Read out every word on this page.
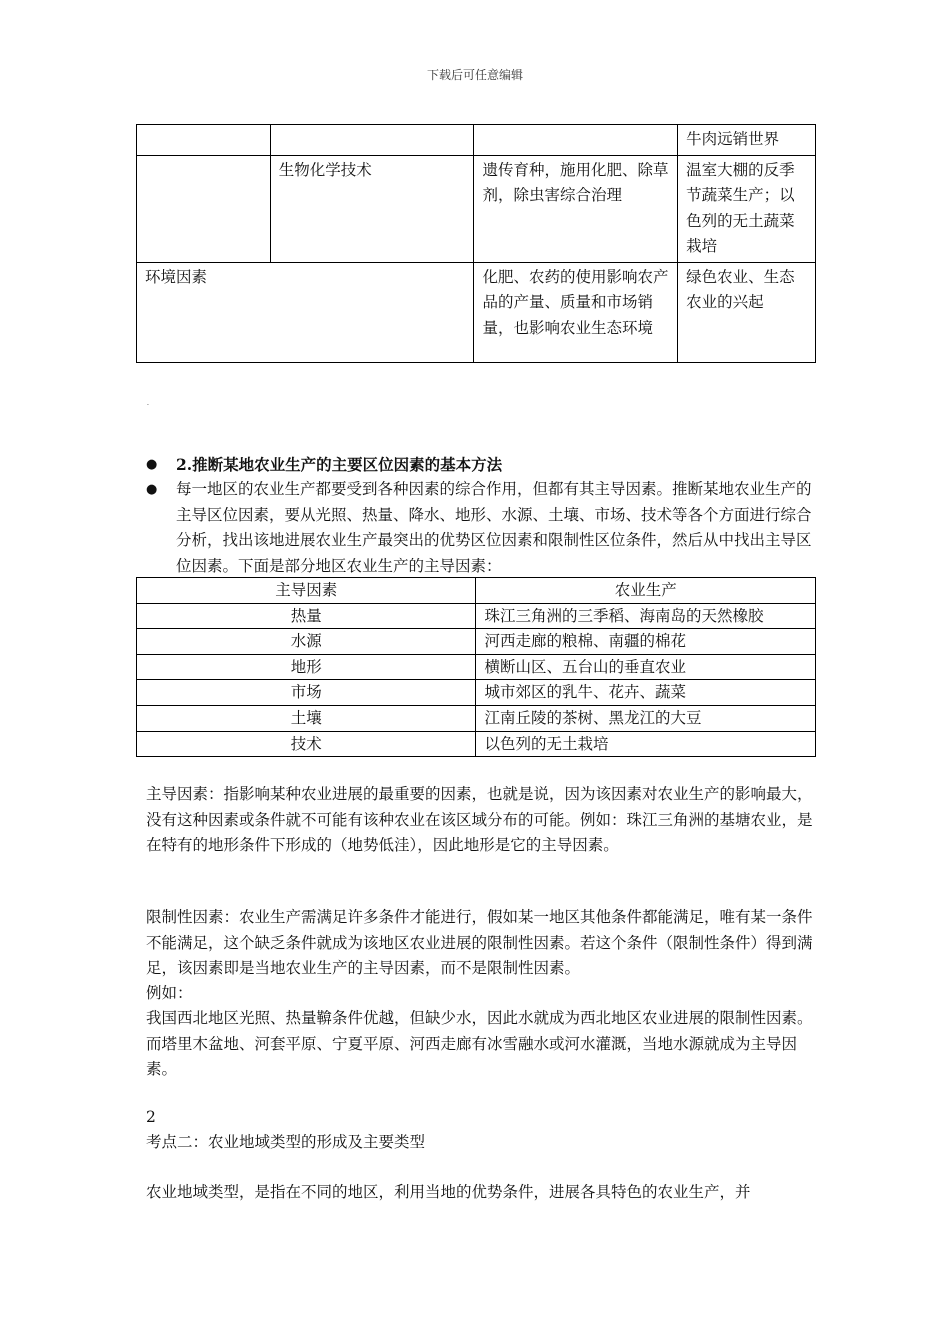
下载后可任意编辑
			牛肉远销世界
	生物化学技术	遗传育种，施用化肥、除草剂，除虫害综合治理	温室大棚的反季节蔬菜生产；以色列的无土蔬菜栽培
环境因素		化肥、农药的使用影响农产品的产量、质量和市场销量，也影响农业生态环境	绿色农业、生态农业的兴起
.
● 2.推断某地农业生产的主要区位因素的基本方法
● 每一地区的农业生产都要受到各种因素的综合作用，但都有其主导因素。推断某地农业生产的主导区位因素，要从光照、热量、降水、地形、水源、土壤、市场、技术等各个方面进行综合分析，找出该地进展农业生产最突出的优势区位因素和限制性区位条件，然后从中找出主导区位因素。下面是部分地区农业生产的主导因素：
主导因素	农业生产
热量	珠江三角洲的三季稻、海南岛的天然橡胶
水源	河西走廊的粮棉、南疆的棉花
地形	横断山区、五台山的垂直农业
市场	城市郊区的乳牛、花卉、蔬菜
土壤	江南丘陵的茶树、黑龙江的大豆
技术	以色列的无土栽培
主导因素：指影响某种农业进展的最重要的因素，也就是说，因为该因素对农业生产的影响最大，没有这种因素或条件就不可能有该种农业在该区域分布的可能。例如：珠江三角洲的基塘农业，是在特有的地形条件下形成的（地势低洼），因此地形是它的主导因素。
限制性因素：农业生产需满足许多条件才能进行，假如某一地区其他条件都能满足，唯有某一条件不能满足，这个缺乏条件就成为该地区农业进展的限制性因素。若这个条件（限制性条件）得到满足，该因素即是当地农业生产的主导因素，而不是限制性因素。
例如：
我国西北地区光照、热量鞥条件优越，但缺少水，因此水就成为西北地区农业进展的限制性因素。而塔里木盆地、河套平原、宁夏平原、河西走廊有冰雪融水或河水灌溉，当地水源就成为主导因素。
2
考点二：农业地域类型的形成及主要类型
农业地域类型，是指在不同的地区，利用当地的优势条件，进展各具特色的农业生产，并
